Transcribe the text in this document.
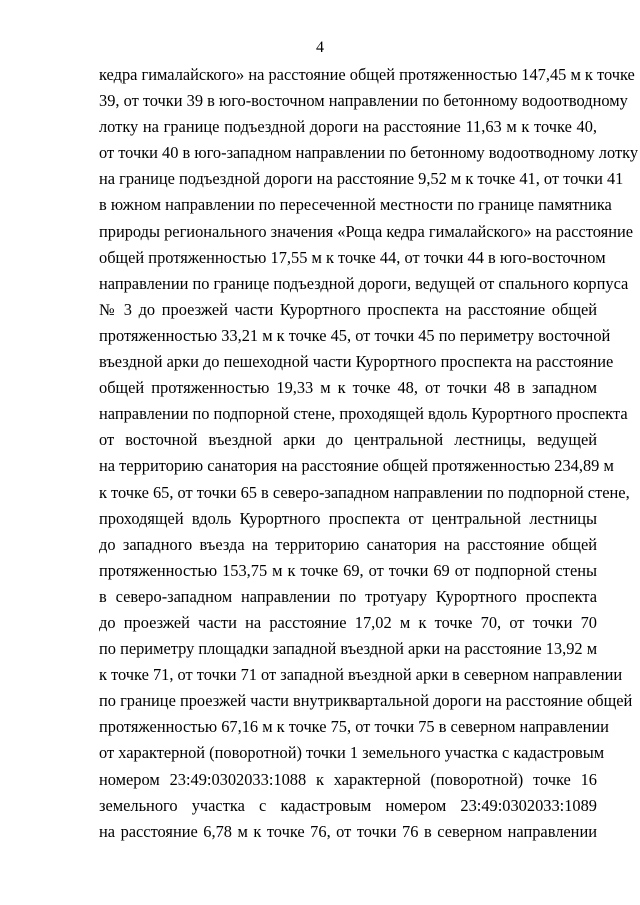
4
кедра гималайского» на расстояние общей протяженностью 147,45 м к точке
39, от точки 39 в юго-восточном направлении по бетонному водоотводному
лотку на границе подъездной дороги на расстояние 11,63 м к точке 40,
от точки 40 в юго-западном направлении по бетонному водоотводному лотку
на границе подъездной дороги на расстояние 9,52 м к точке 41, от точки 41
в южном направлении по пересеченной местности по границе памятника
природы регионального значения «Роща кедра гималайского» на расстояние
общей протяженностью 17,55 м к точке 44, от точки 44 в юго-восточном
направлении по границе подъездной дороги, ведущей от спального корпуса
№ 3 до проезжей части Курортного проспекта на расстояние общей
протяженностью 33,21 м к точке 45, от точки 45 по периметру восточной
въездной арки до пешеходной части Курортного проспекта на расстояние
общей протяженностью 19,33 м к точке 48, от точки 48 в западном
направлении по подпорной стене, проходящей вдоль Курортного проспекта
от восточной въездной арки до центральной лестницы, ведущей
на территорию санатория на расстояние общей протяженностью 234,89 м
к точке 65, от точки 65 в северо-западном направлении по подпорной стене,
проходящей вдоль Курортного проспекта от центральной лестницы
до западного въезда на территорию санатория на расстояние общей
протяженностью 153,75 м к точке 69, от точки 69 от подпорной стены
в северо-западном направлении по тротуару Курортного проспекта
до проезжей части на расстояние 17,02 м к точке 70, от точки 70
по периметру площадки западной въездной арки на расстояние 13,92 м
к точке 71, от точки 71 от западной въездной арки в северном направлении
по границе проезжей части внутриквартальной дороги на расстояние общей
протяженностью 67,16 м к точке 75, от точки 75 в северном направлении
от характерной (поворотной) точки 1 земельного участка с кадастровым
номером 23:49:0302033:1088 к характерной (поворотной) точке 16
земельного участка с кадастровым номером 23:49:0302033:1089
на расстояние 6,78 м к точке 76, от точки 76 в северном направлении
